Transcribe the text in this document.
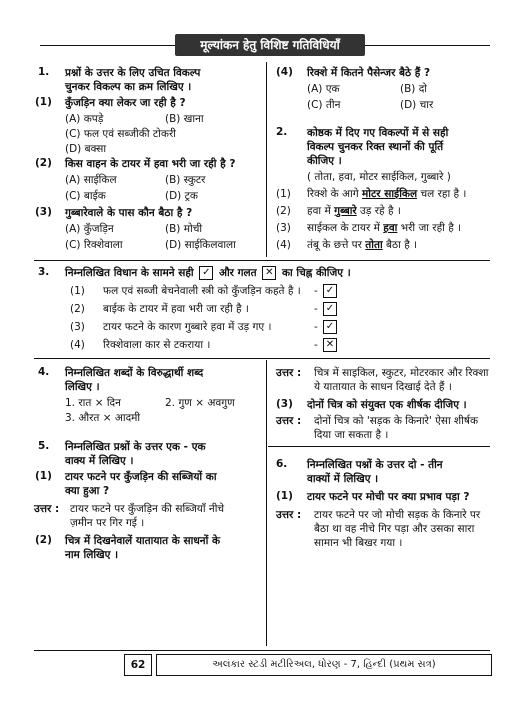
मूल्यांकन हेतु विशिष्ट गतिविधियाँ
1. प्रश्नों के उत्तर के लिए उचित विकल्प
चुनकर विकल्प का क्रम लिखिए ।
(1) कुँजड़िन क्या लेकर जा रही है ?
(A) कपड़े	(B) खाना
(C) फल एवं सब्जीकी टोकरी
(D) बक्सा
(2) किस वाहन के टायर में हवा भरी जा रही है ?
(A) साईकिल	(B) स्कुटर
(C) बाईक	(D) ट्रक
(3) गुब्बारेवाले के पास कौन बैठा है ?
(A) कुँजड़िन	(B) मोची
(C) रिक्शेवाला	(D) साईकिलवाला
(4) रिक्शे में कितने पैसेन्जर बैठे हैं ?
(A) एक	(B) दो
(C) तीन	(D) चार
2. कोष्ठक में दिए गए विकल्पों में से सही
विकल्प चुनकर रिक्त स्थानों की पूर्ति
कीजिए ।
( तोता, हवा, मोटर साईकिल, गुब्बारे )
(1) रिक्शे के आगे मोटर साईकिल चल रहा है ।
(2) हवा में गुब्बारे उड़ रहे है ।
(3) साईकल के टायर में हवा भरी जा रही है ।
(4) तंबू के छत्ते पर तोता बैठा है ।
3. निम्नलिखित विधान के सामने सही ✓ और गलत ✕ का चिह्न कीजिए ।
(1) फल एवं सब्जी बेचनेवाली स्त्री को कुँजड़िन कहते है । - ✓
(2) बाईक के टायर में हवा भरी जा रही है ।	- ✓
(3) टायर फटने के कारण गुब्बारे हवा में उड़ गए ।	- ✓
(4) रिक्शेवाला कार से टकराया ।	- ✕
4. निम्नलिखित शब्दों के विरुद्धार्थी शब्द
लिखिए ।
1. रात × दिन	2. गुण × अवगुण
3. औरत × आदमी
उत्तर : चित्र में साइकिल, स्कुटर, मोटरकार और रिक्शा
ये यातायात के साधन दिखाई देते हैं ।
(3) दोनों चित्र को संयुक्त एक शीर्षक दीजिए ।
उत्तर : दोनों चित्र को 'सड़क के किनारे' ऐसा शीर्षक
दिया जा सकता है ।
5. निम्नलिखित प्रश्नों के उत्तर एक - एक
वाक्य में लिखिए ।
(1) टायर फटने पर कुँजड़िन की सब्जियों का
क्या हुआ ?
उत्तर : टायर फटने पर कुँजड़िन की सब्जियाँ नीचे
ज़मीन पर गिर गई ।
(2) चित्र में दिखनेवालें यातायात के साधनों के
नाम लिखिए ।
6. निम्नलिखित पश्नों के उत्तर दो - तीन
वाक्यों में लिखिए ।
(1) टायर फटने पर मोची पर क्या प्रभाव पड़ा ?
उत्तर : टायर फटने पर जो मोची सड़क के किनारे पर
बैठा था वह नीचे गिर पड़ा और उसका सारा
सामान भी बिखर गया ।
62	અલંકાર સ્ટડી મટીરિઅલ, ધોરણ - 7, હિન્દી (પ્રથમ સત્ર)
